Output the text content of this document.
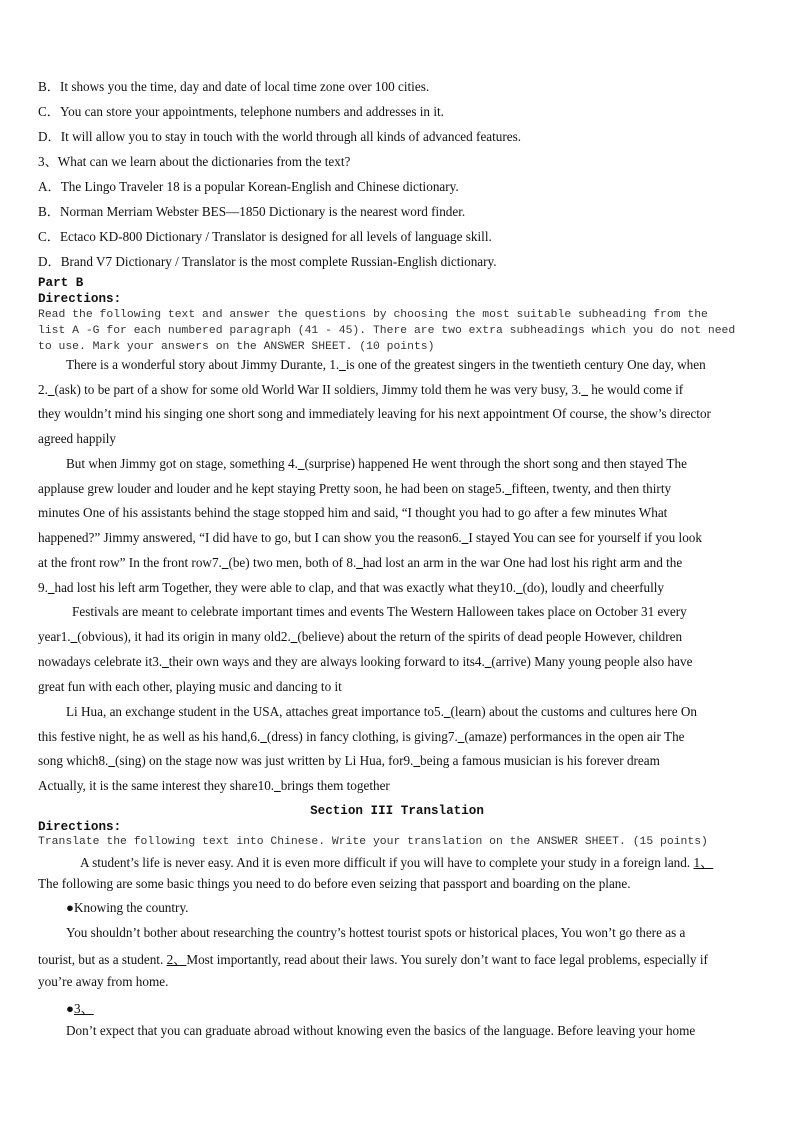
B．It shows you the time, day and date of local time zone over 100 cities.
C．You can store your appointments, telephone numbers and addresses in it.
D．It will allow you to stay in touch with the world through all kinds of advanced features.
3、What can we learn about the dictionaries from the text?
A．The Lingo Traveler 18 is a popular Korean-English and Chinese dictionary.
B．Norman Merriam Webster BES—1850 Dictionary is the nearest word finder.
C．Ectaco KD-800 Dictionary / Translator is designed for all levels of language skill.
D．Brand V7 Dictionary / Translator is the most complete Russian-English dictionary.
Part B
Directions:
Read the following text and answer the questions by choosing the most suitable subheading from the
list A -G for each numbered paragraph (41 - 45). There are two extra subheadings which you do not need
to use. Mark your answers on the ANSWER SHEET. (10 points)
There is a wonderful story about Jimmy Durante, 1._is one of the greatest singers in the twentieth century One day, when
2._(ask) to be part of a show for some old World War II soldiers, Jimmy told them he was very busy, 3._ he would come if
they wouldn’t mind his singing one short song and immediately leaving for his next appointment Of course, the show’s director
agreed happily
But when Jimmy got on stage, something 4._(surprise) happened He went through the short song and then stayed The
applause grew louder and louder and he kept staying Pretty soon, he had been on stage5._fifteen, twenty, and then thirty
minutes One of his assistants behind the stage stopped him and said, “I thought you had to go after a few minutes What
happened?” Jimmy answered, “I did have to go, but I can show you the reason6._I stayed You can see for yourself if you look
at the front row” In the front row7._(be) two men, both of 8._had lost an arm in the war One had lost his right arm and the
9._had lost his left arm Together, they were able to clap, and that was exactly what they10._(do), loudly and cheerfully
Festivals are meant to celebrate important times and events The Western Halloween takes place on October 31 every
year1._(obvious), it had its origin in many old2._(believe) about the return of the spirits of dead people However, children
nowadays celebrate it3._their own ways and they are always looking forward to its4._(arrive) Many young people also have
great fun with each other, playing music and dancing to it
Li Hua, an exchange student in the USA, attaches great importance to5._(learn) about the customs and cultures here On
this festive night, he as well as his hand,6._(dress) in fancy clothing, is giving7._(amaze) performances in the open air The
song which8._(sing) on the stage now was just written by Li Hua, for9._being a famous musician is his forever dream
Actually, it is the same interest they share10._brings them together
Section III Translation
Directions:
Translate the following text into Chinese. Write your translation on the ANSWER SHEET. (15 points)
A student’s life is never easy. And it is even more difficult if you will have to complete your study in a foreign land. 1、
The following are some basic things you need to do before even seizing that passport and boarding on the plane.
●Knowing the country.
You shouldn’t bother about researching the country’s hottest tourist spots or historical places, You won’t go there as a
tourist, but as a student. 2、Most importantly, read about their laws. You surely don’t want to face legal problems, especially if
you’re away from home.
●3、
Don’t expect that you can graduate abroad without knowing even the basics of the language. Before leaving your home
